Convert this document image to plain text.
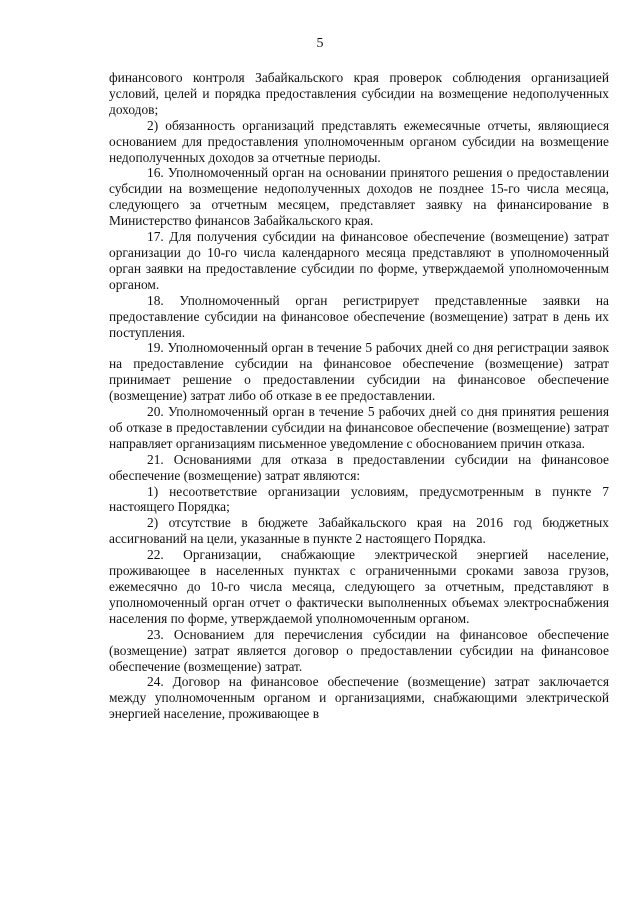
5

финансового контроля Забайкальского края проверок соблюдения организацией условий, целей и порядка предоставления субсидии на возмещение недополученных доходов;

2) обязанность организаций представлять ежемесячные отчеты, являющиеся основанием для предоставления уполномоченным органом субсидии на возмещение недополученных доходов за отчетные периоды.

16. Уполномоченный орган на основании принятого решения о предоставлении субсидии на возмещение недополученных доходов не позднее 15-го числа месяца, следующего за отчетным месяцем, представляет заявку на финансирование в Министерство финансов Забайкальского края.

17. Для получения субсидии на финансовое обеспечение (возмещение) затрат организации до 10-го числа календарного месяца представляют в уполномоченный орган заявки на предоставление субсидии по форме, утверждаемой уполномоченным органом.

18. Уполномоченный орган регистрирует представленные заявки на предоставление субсидии на финансовое обеспечение (возмещение) затрат в день их поступления.

19. Уполномоченный орган в течение 5 рабочих дней со дня регистрации заявок на предоставление субсидии на финансовое обеспечение (возмещение) затрат принимает решение о предоставлении субсидии на финансовое обеспечение (возмещение) затрат либо об отказе в ее предоставлении.

20. Уполномоченный орган в течение 5 рабочих дней со дня принятия решения об отказе в предоставлении субсидии на финансовое обеспечение (возмещение) затрат направляет организациям письменное уведомление с обоснованием причин отказа.

21. Основаниями для отказа в предоставлении субсидии на финансовое обеспечение (возмещение) затрат являются:

1) несоответствие организации условиям, предусмотренным в пункте 7 настоящего Порядка;

2) отсутствие в бюджете Забайкальского края на 2016 год бюджетных ассигнований на цели, указанные в пункте 2 настоящего Порядка.

22. Организации, снабжающие электрической энергией население, проживающее в населенных пунктах с ограниченными сроками завоза грузов, ежемесячно до 10-го числа месяца, следующего за отчетным, представляют в уполномоченный орган отчет о фактически выполненных объемах электроснабжения населения по форме, утверждаемой уполномоченным органом.

23. Основанием для перечисления субсидии на финансовое обеспечение (возмещение) затрат является договор о предоставлении субсидии на финансовое обеспечение (возмещение) затрат.

24. Договор на финансовое обеспечение (возмещение) затрат заключается между уполномоченным органом и организациями, снабжающими электрической энергией население, проживающее в
